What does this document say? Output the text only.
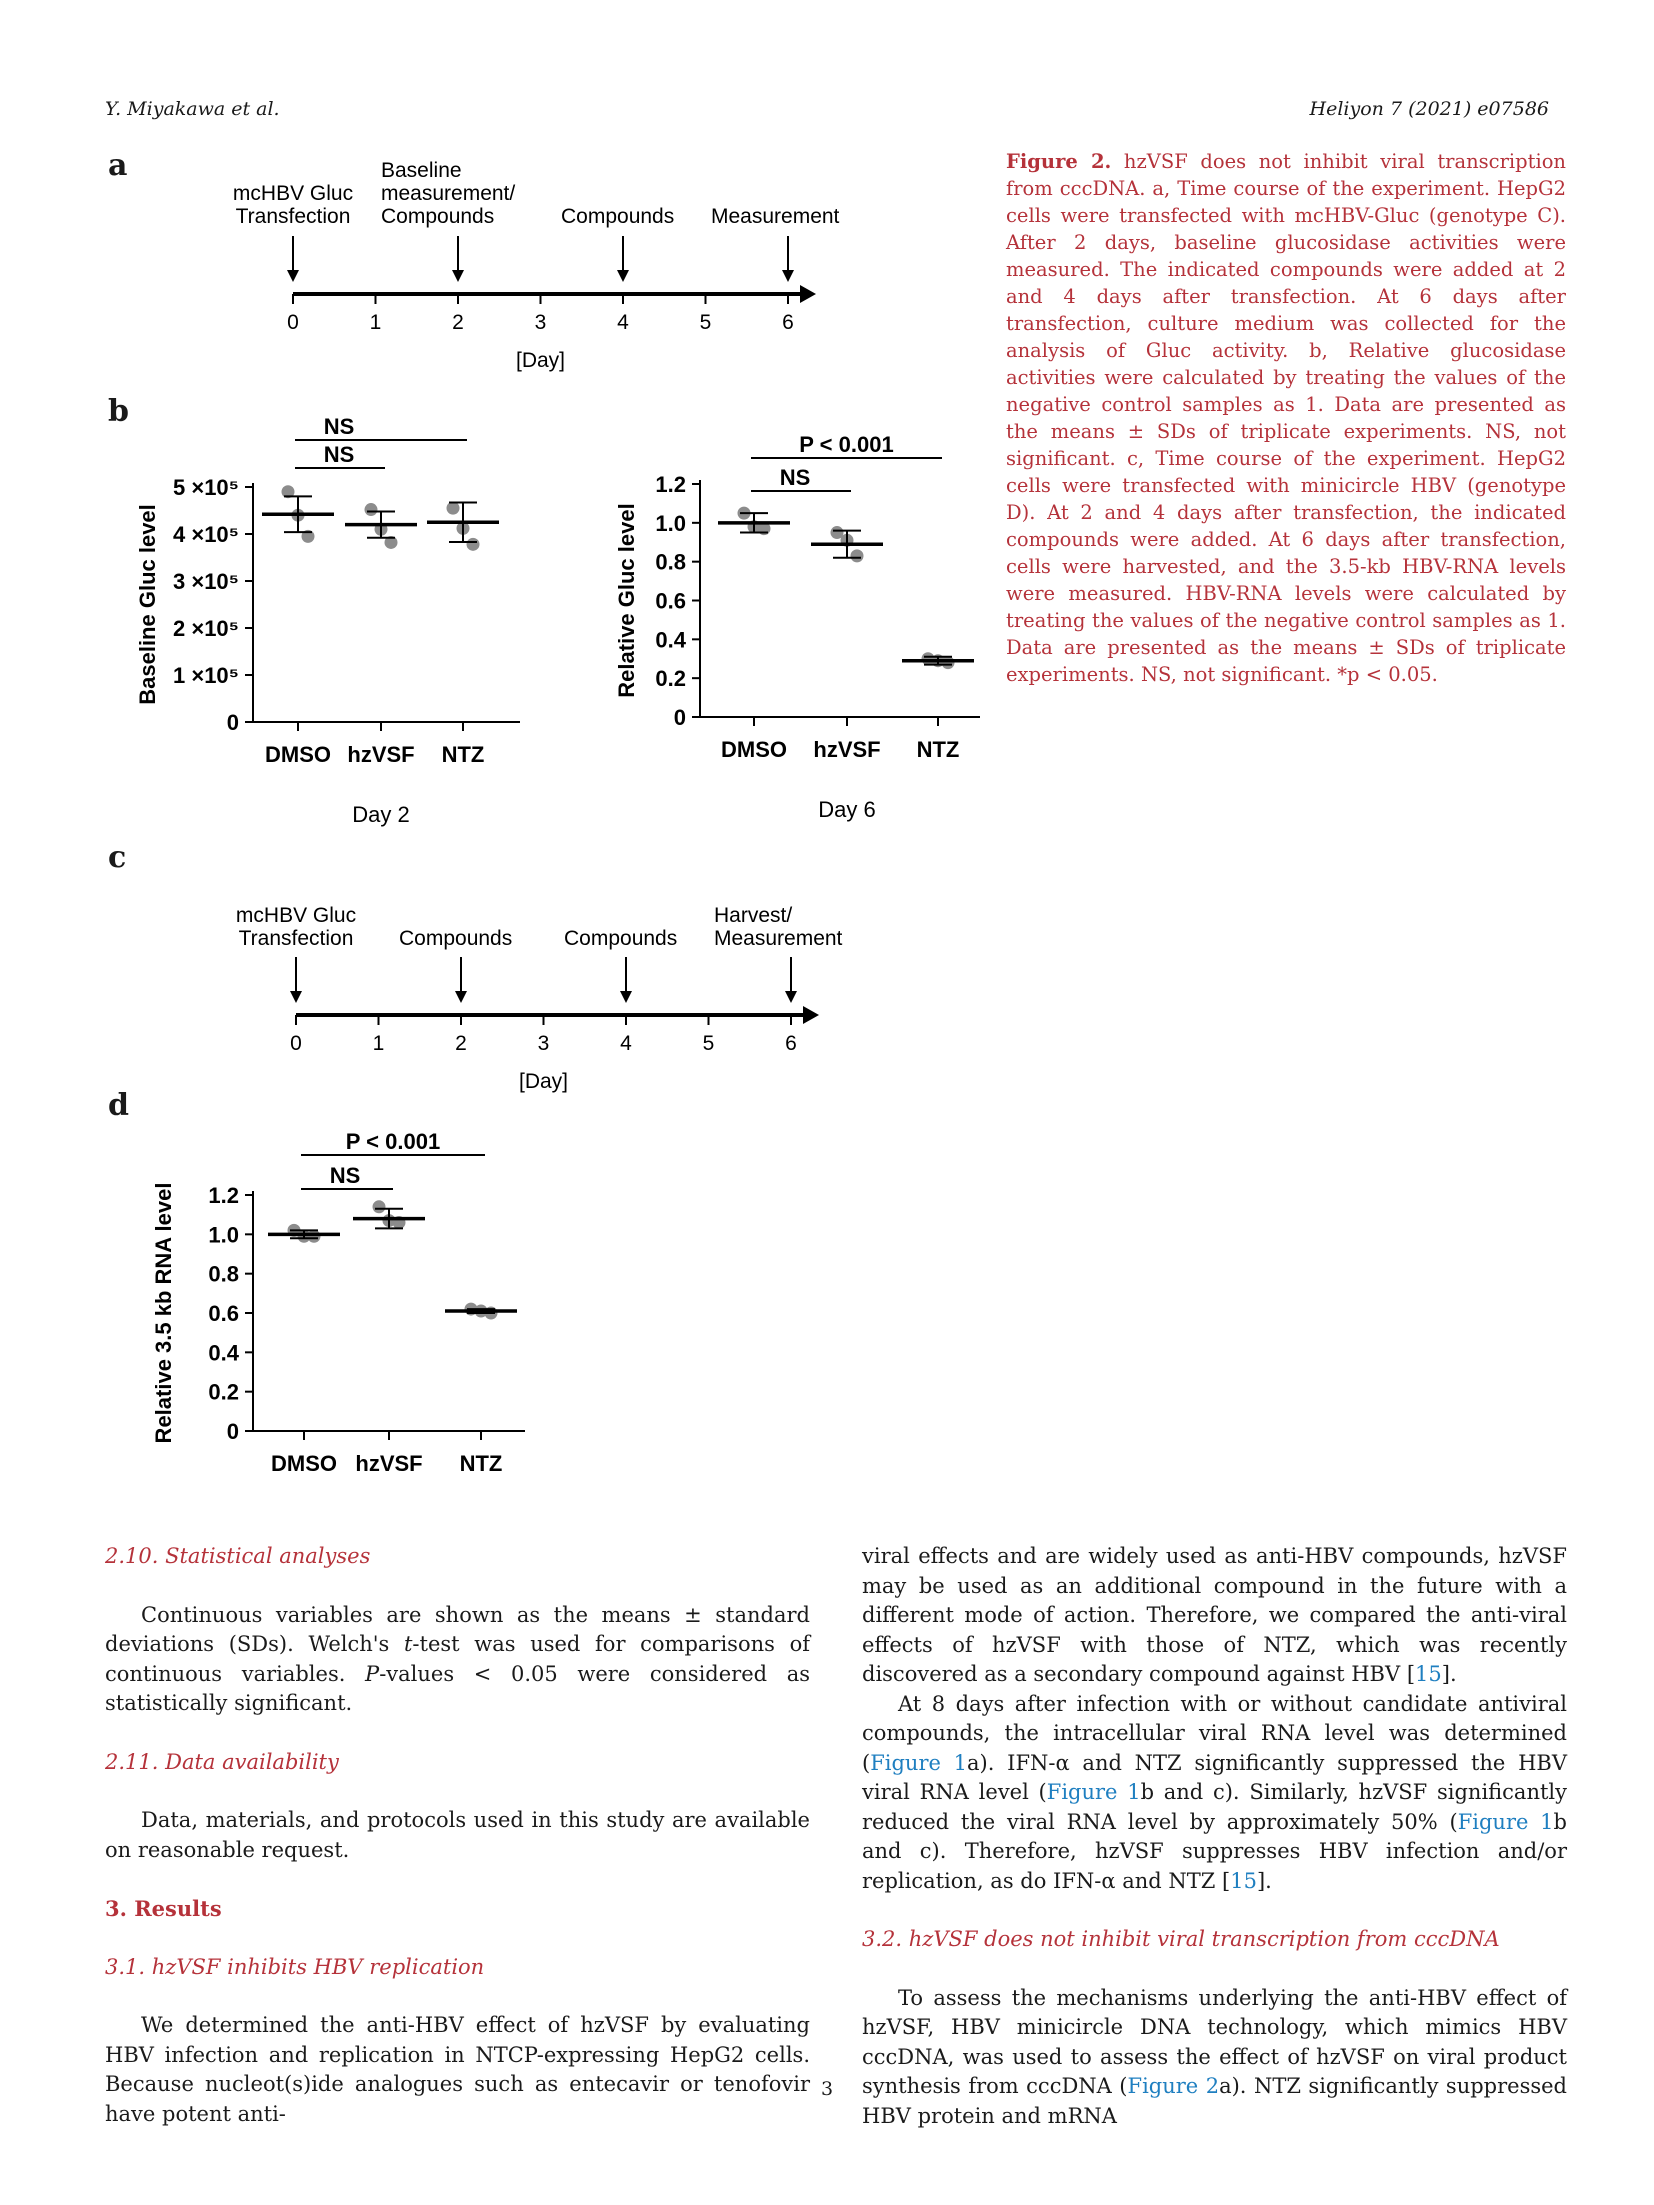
Y. Miyakawa et al.	Heliyon 7 (2021) e07586
a
b
c
d
0	1	2	3	4	5	6
[Day]
mcHBV Gluc
Transfection
Baseline
measurement/
Compounds	Compounds Measurement
0	1	2	3	4	5	6
[Day]
mcHBV Gluc
Transfection Compounds Compounds
Harvest/
Measurement
0
1 ×10⁵
2 ×10⁵
3 ×10⁵
4 ×10⁵
5 ×10⁵
Baseline Gluc level
DMSO hzVSF NTZ
Day 2
NS
NS
0
0.2
0.4
0.6
0.8
1.0
1.2
Relative Gluc level
DMSO hzVSF NTZ
Day 6
NS
P < 0.001
0
0.2
0.4
0.6
0.8
1.0
1.2
Relative 3.5 kb RNA level
DMSO hzVSF NTZ
NS
P < 0.001
Figure 2. hzVSF does not inhibit viral transcription from cccDNA. a, Time course of the experiment. HepG2 cells were transfected with mcHBV-Gluc (genotype C). After 2 days, baseline glucosidase activities were measured. The indicated compounds were added at 2 and 4 days after transfection. At 6 days after transfection, culture medium was collected for the analysis of Gluc activity. b, Relative glucosidase activities were calculated by treating the values of the negative control samples as 1. Data are presented as the means ± SDs of triplicate experiments. NS, not significant. c, Time course of the experiment. HepG2 cells were transfected with minicircle HBV (genotype D). At 2 and 4 days after transfection, the indicated compounds were added. At 6 days after transfection, cells were harvested, and the 3.5-kb HBV-RNA levels were measured. HBV-RNA levels were calculated by treating the values of the negative control samples as 1. Data are presented as the means ± SDs of triplicate experiments. NS, not significant. *p < 0.05.

2.10. Statistical analyses

Continuous variables are shown as the means ± standard deviations (SDs). Welch's t-test was used for comparisons of continuous variables. P-values < 0.05 were considered as statistically significant.

2.11. Data availability

Data, materials, and protocols used in this study are available on reasonable request.

3. Results

3.1. hzVSF inhibits HBV replication

We determined the anti-HBV effect of hzVSF by evaluating HBV infection and replication in NTCP-expressing HepG2 cells. Because nucleot(s)ide analogues such as entecavir or tenofovir have potent anti-

viral effects and are widely used as anti-HBV compounds, hzVSF may be used as an additional compound in the future with a different mode of action. Therefore, we compared the anti-viral effects of hzVSF with those of NTZ, which was recently discovered as a secondary compound against HBV [15].

At 8 days after infection with or without candidate antiviral compounds, the intracellular viral RNA level was determined (Figure 1a). IFN-α and NTZ significantly suppressed the HBV viral RNA level (Figure 1b and c). Similarly, hzVSF significantly reduced the viral RNA level by approximately 50% (Figure 1b and c). Therefore, hzVSF suppresses HBV infection and/or replication, as do IFN-α and NTZ [15].

3.2. hzVSF does not inhibit viral transcription from cccDNA

To assess the mechanisms underlying the anti-HBV effect of hzVSF, HBV minicircle DNA technology, which mimics HBV cccDNA, was used to assess the effect of hzVSF on viral product synthesis from cccDNA (Figure 2a). NTZ significantly suppressed HBV protein and mRNA

3
